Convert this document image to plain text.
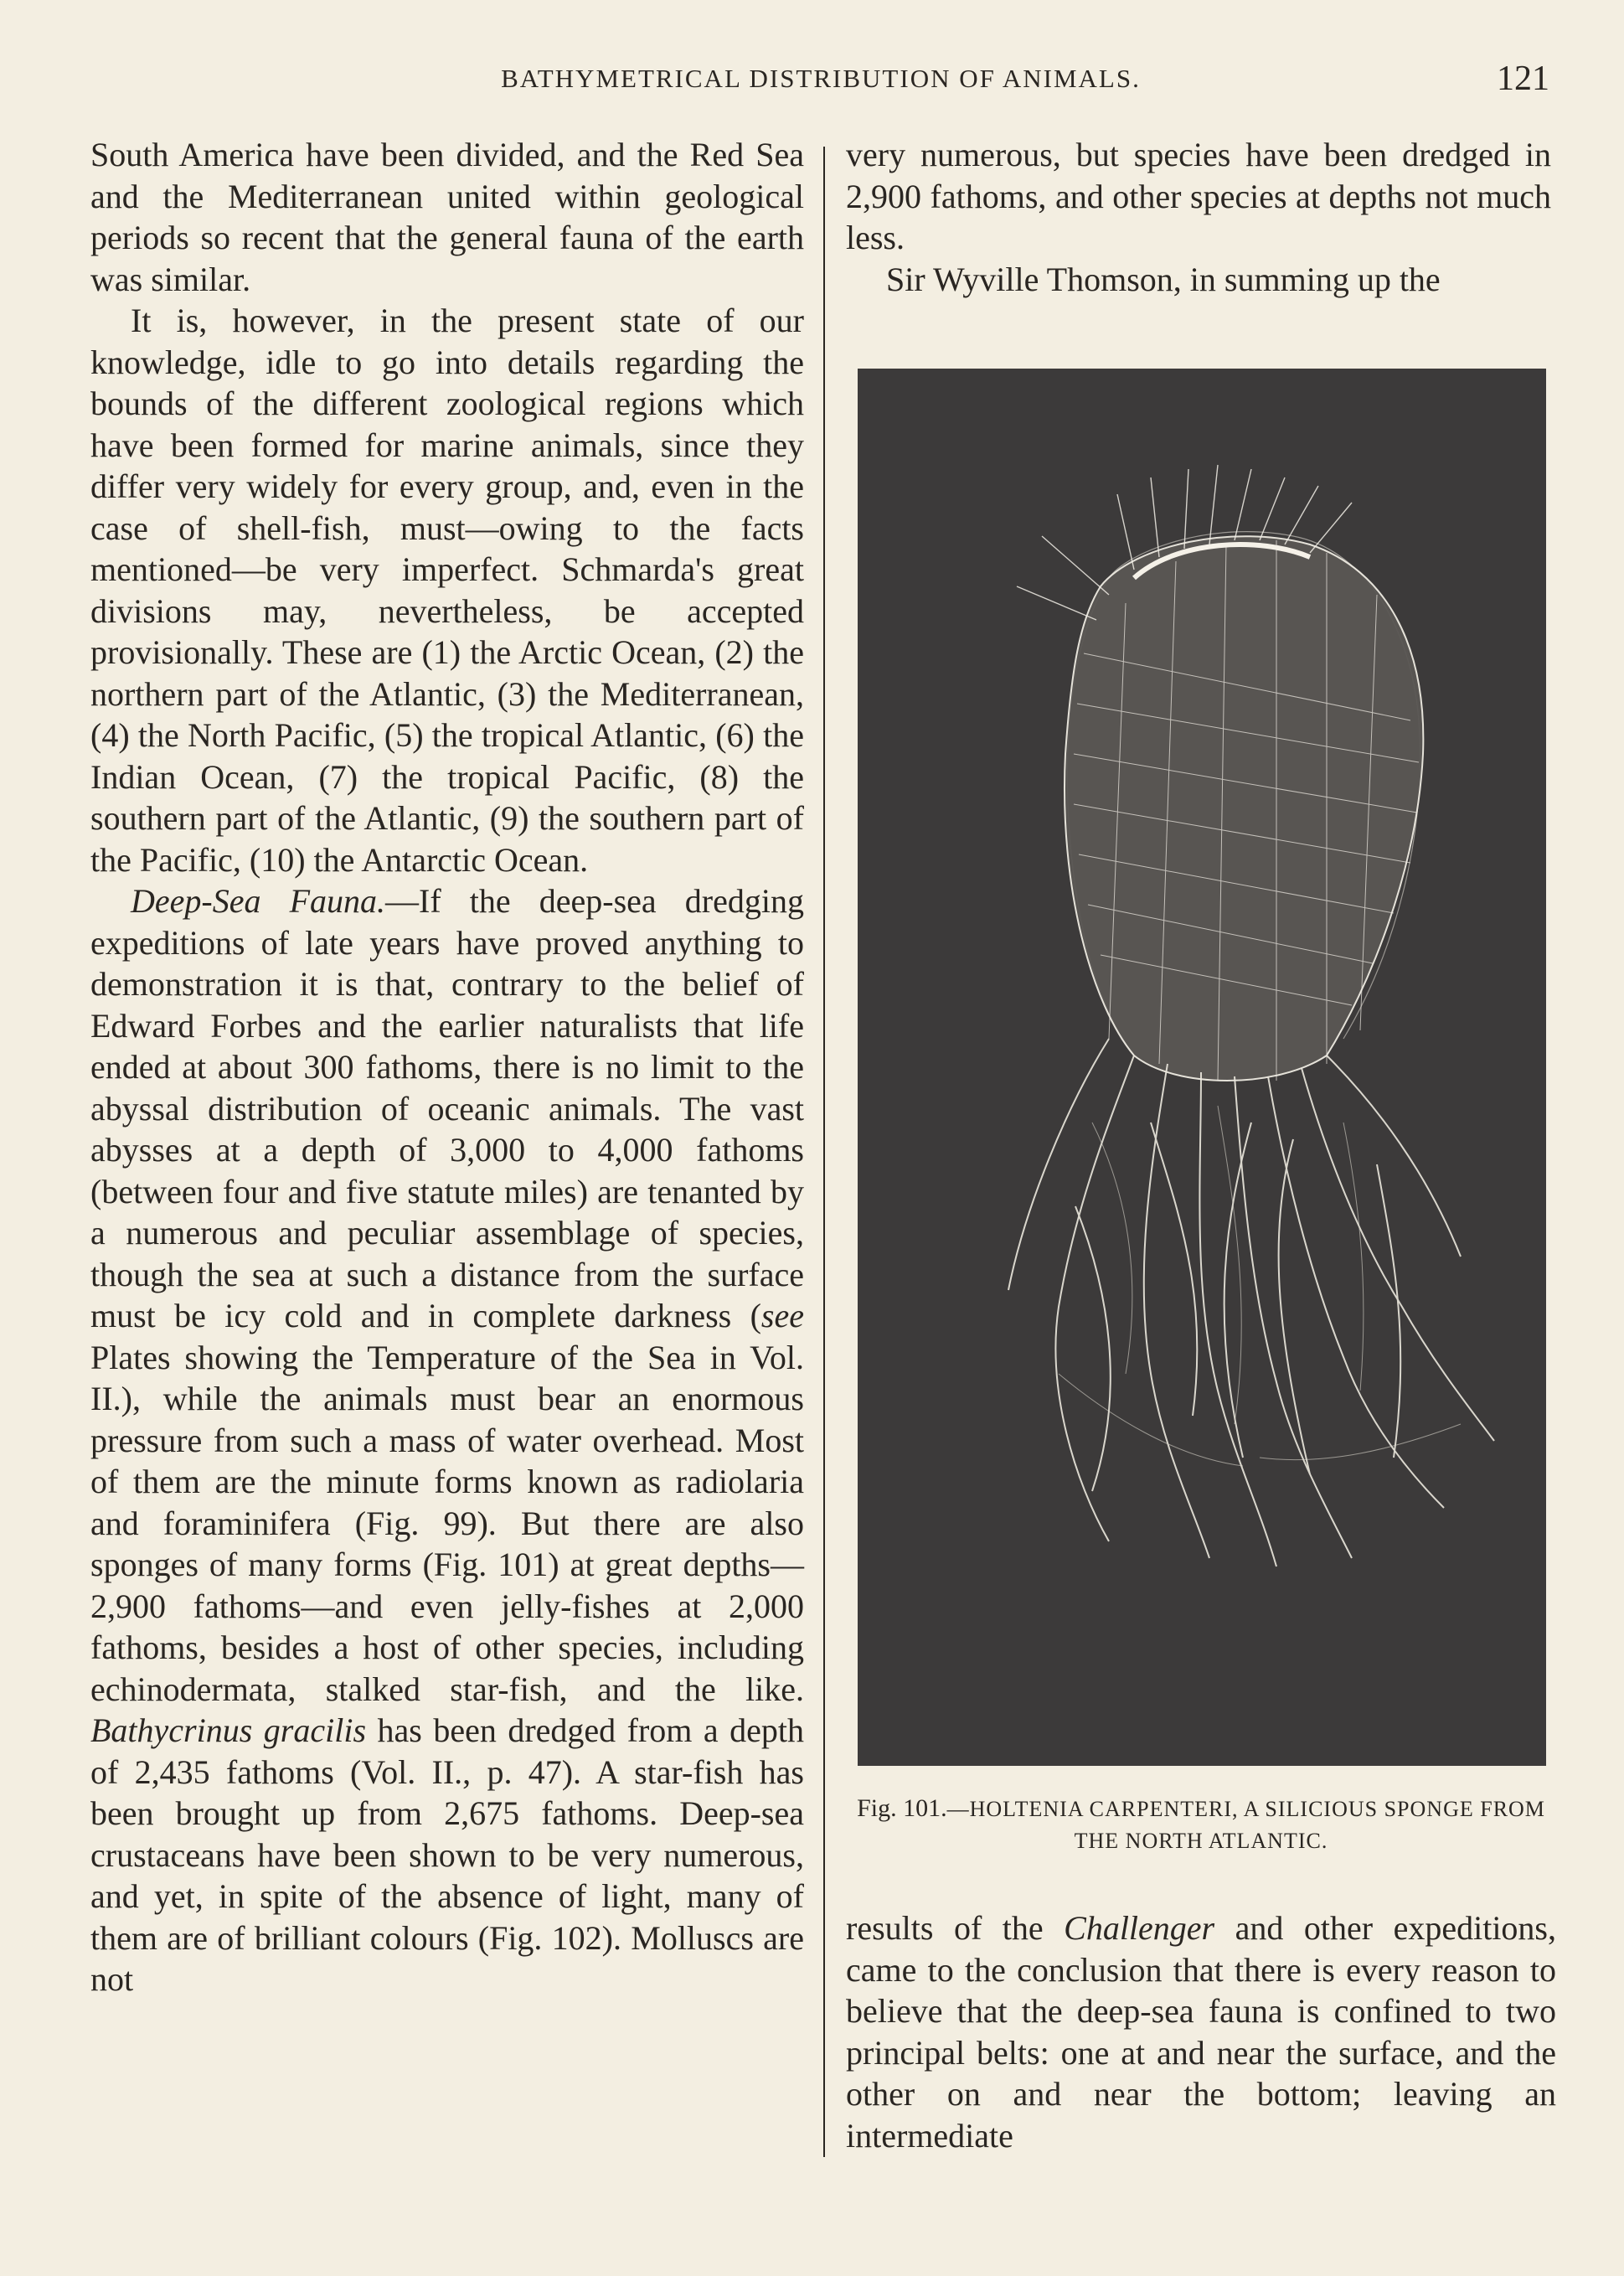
BATHYMETRICAL DISTRIBUTION OF ANIMALS.	121

South America have been divided, and the Red Sea and the Mediterranean united within geological periods so recent that the general fauna of the earth was similar.

It is, however, in the present state of our knowledge, idle to go into details regarding the bounds of the different zoological regions which have been formed for marine animals, since they differ very widely for every group, and, even in the case of shell-fish, must—owing to the facts mentioned—be very imperfect. Schmarda's great divisions may, nevertheless, be accepted provisionally. These are (1) the Arctic Ocean, (2) the northern part of the Atlantic, (3) the Mediterranean, (4) the North Pacific, (5) the tropical Atlantic, (6) the Indian Ocean, (7) the tropical Pacific, (8) the southern part of the Atlantic, (9) the southern part of the Pacific, (10) the Antarctic Ocean.

Deep-Sea Fauna.—If the deep-sea dredging expeditions of late years have proved anything to demonstration it is that, contrary to the belief of Edward Forbes and the earlier naturalists that life ended at about 300 fathoms, there is no limit to the abyssal distribution of oceanic animals. The vast abysses at a depth of 3,000 to 4,000 fathoms (between four and five statute miles) are tenanted by a numerous and peculiar assemblage of species, though the sea at such a distance from the surface must be icy cold and in complete darkness (see Plates showing the Temperature of the Sea in Vol. II.), while the animals must bear an enormous pressure from such a mass of water overhead. Most of them are the minute forms known as radiolaria and foraminifera (Fig. 99). But there are also sponges of many forms (Fig. 101) at great depths—2,900 fathoms—and even jelly-fishes at 2,000 fathoms, besides a host of other species, including echinodermata, stalked star-fish, and the like. Bathycrinus gracilis has been dredged from a depth of 2,435 fathoms (Vol. II., p. 47). A star-fish has been brought up from 2,675 fathoms. Deep-sea crustaceans have been shown to be very numerous, and yet, in spite of the absence of light, many of them are of brilliant colours (Fig. 102). Molluscs are not

very numerous, but species have been dredged in 2,900 fathoms, and other species at depths not much less.

Sir Wyville Thomson, in summing up the

Fig. 101.—HOLTENIA CARPENTERI, A SILICIOUS SPONGE FROM THE NORTH ATLANTIC.

results of the Challenger and other expeditions, came to the conclusion that there is every reason to believe that the deep-sea fauna is confined to two principal belts: one at and near the surface, and the other on and near the bottom; leaving an intermediate
